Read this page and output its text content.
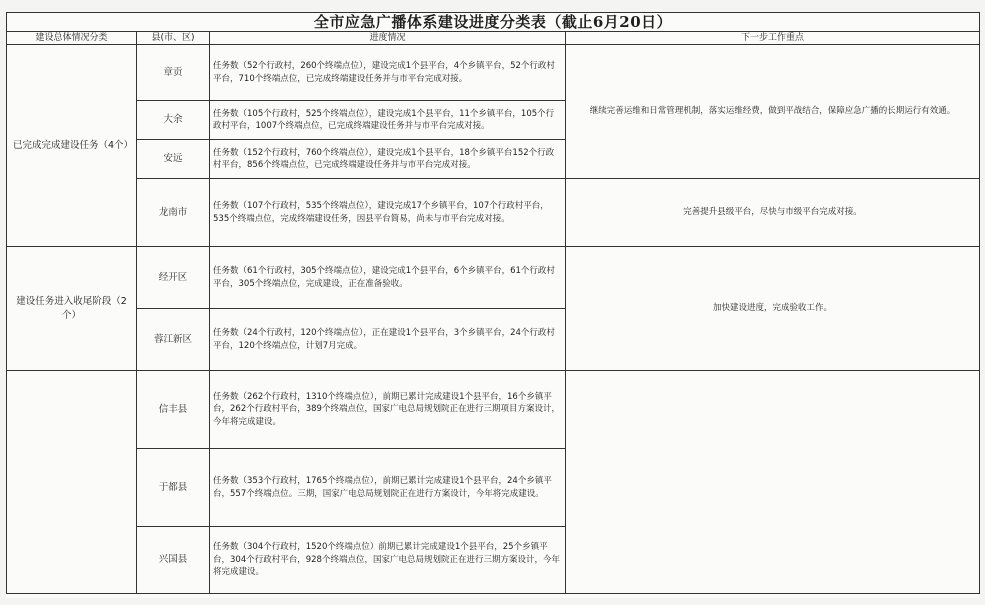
全市应急广播体系建设进度分类表（截止6月20日）			
建设总体情况分类	县(市、区)	进度情况	下一步工作重点
已完成完成建设任务（4个）	章贡	任务数（52个行政村，260个终端点位），建设完成1个县平台，4个乡镇平台，52个行政村平台，710个终端点位，已完成终端建设任务并与市平台完成对接。	继续完善运维和日常管理机制，落实运维经费，做到平战结合，保障应急广播的长期运行有效通。
	大余	任务数（105个行政村，525个终端点位），建设完成1个县平台，11个乡镇平台，105个行政村平台，1007个终端点位，已完成终端建设任务并与市平台完成对接。	
	安远	任务数（152个行政村，760个终端点位），建设完成1个县平台，18个乡镇平台152个行政村平台，856个终端点位，已完成终端建设任务并与市平台完成对接。	
	龙南市	任务数（107个行政村，535个终端点位），建设完成17个乡镇平台，107个行政村平台，535个终端点位，完成终端建设任务，因县平台简易，尚未与市平台完成对接。	完善提升县级平台，尽快与市级平台完成对接。
建设任务进入收尾阶段（2个）	经开区	任务数（61个行政村，305个终端点位），建设完成1个县平台，6个乡镇平台，61个行政村平台，305个终端点位，完成建设，正在准备验收。	加快建设进度，完成验收工作。
	蓉江新区	任务数（24个行政村，120个终端点位），正在建设1个县平台，3个乡镇平台，24个行政村平台，120个终端点位，计划7月完成。	
	信丰县	任务数（262个行政村，1310个终端点位），前期已累计完成建设1个县平台，16个乡镇平台，262个行政村平台，389个终端点位，国家广电总局规划院正在进行三期项目方案设计，今年将完成建设。	
	于都县	任务数（353个行政村，1765个终端点位），前期已累计完成建设1个县平台，24个乡镇平台，557个终端点位。三期，国家广电总局规划院正在进行方案设计，今年将完成建设。	
	兴国县	任务数（304个行政村，1520个终端点位）前期已累计完成建设1个县平台，25个乡镇平台，304个行政村平台，928个终端点位，国家广电总局规划院正在进行三期方案设计，今年将完成建设。	
